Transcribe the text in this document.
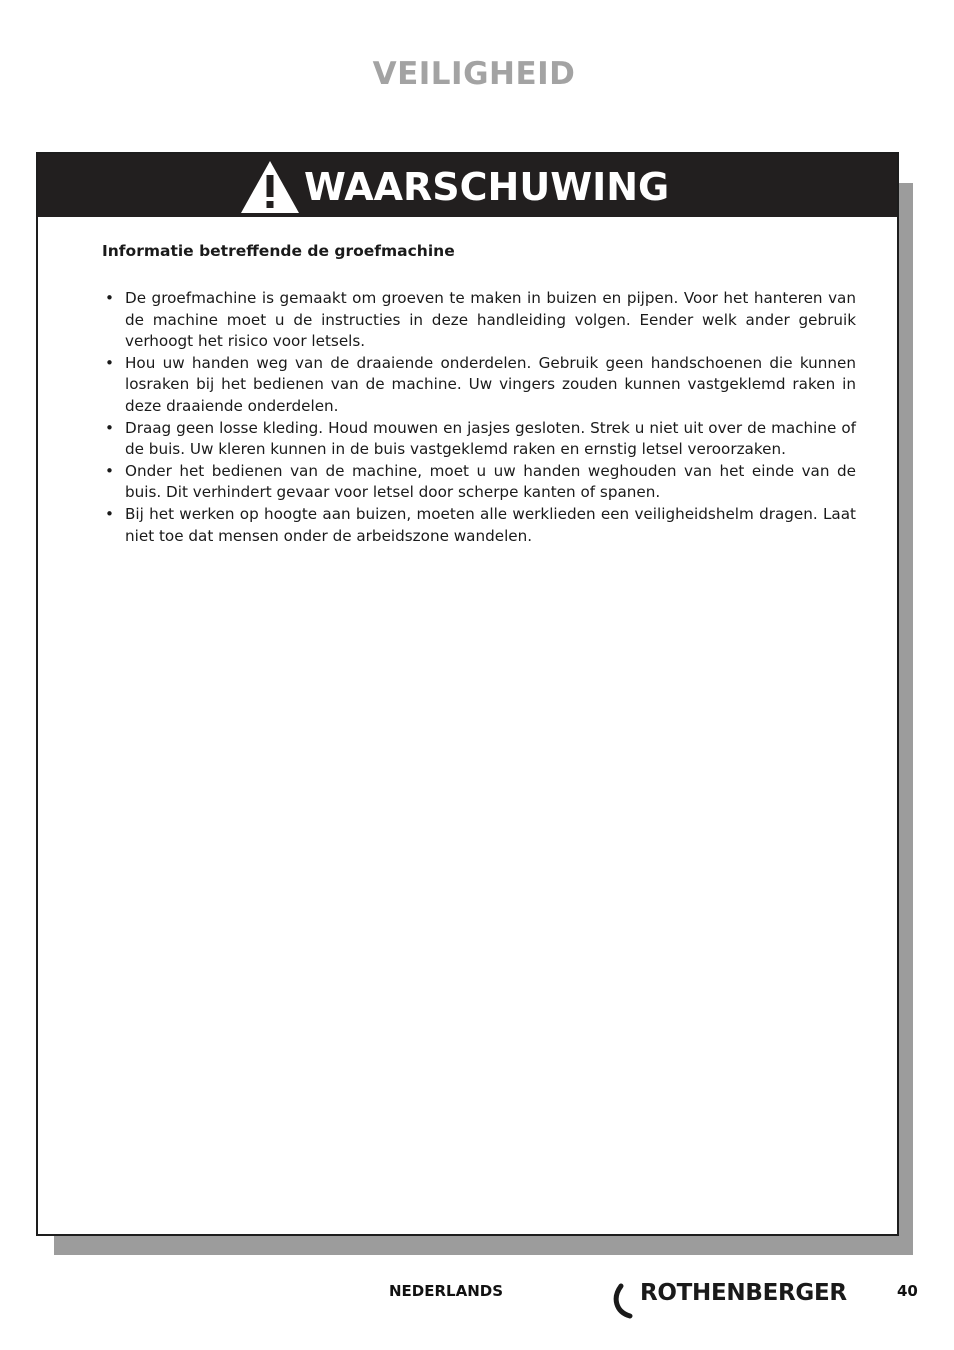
VEILIGHEID
WAARSCHUWING
Informatie betreffende de groefmachine
• De groefmachine is gemaakt om groeven te maken in buizen en pijpen. Voor het hanteren van de machine moet u de instructies in deze handleiding volgen. Eender welk ander gebruik verhoogt het risico voor letsels.
• Hou uw handen weg van de draaiende onderdelen. Gebruik geen handschoenen die kunnen losraken bij het bedienen van de machine. Uw vingers zouden kunnen vastgeklemd raken in deze draaiende onderdelen.
• Draag geen losse kleding. Houd mouwen en jasjes gesloten. Strek u niet uit over de machine of de buis. Uw kleren kunnen in de buis vastgeklemd raken en ernstig letsel veroorzaken.
• Onder het bedienen van de machine, moet u uw handen weghouden van het einde van de buis. Dit verhindert gevaar voor letsel door scherpe kanten of spanen.
• Bij het werken op hoogte aan buizen, moeten alle werklieden een veiligheidshelm dragen. Laat niet toe dat mensen onder de arbeidszone wandelen.
NEDERLANDS	ROTHENBERGER	40
